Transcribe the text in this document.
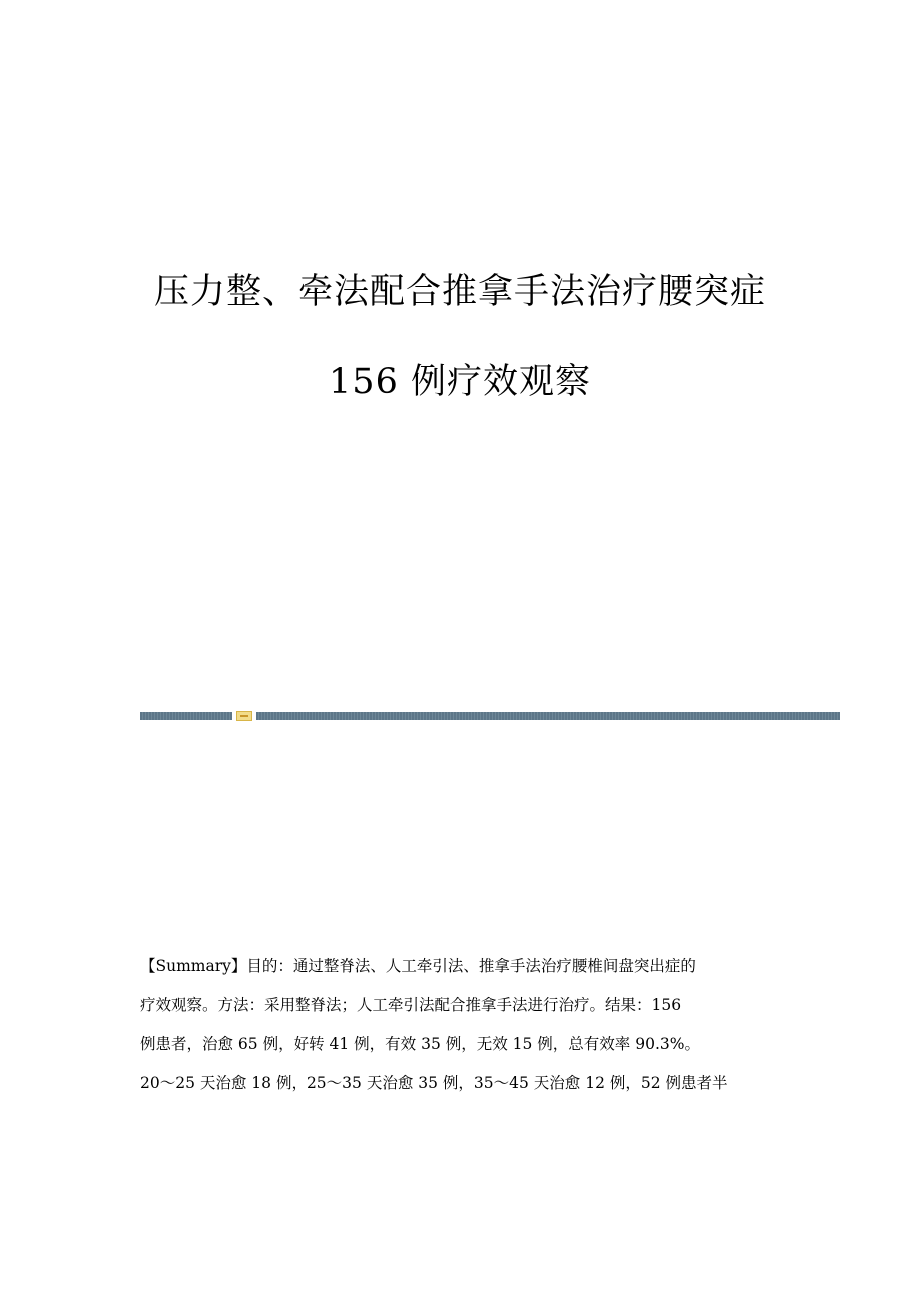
压力整、牵法配合推拿手法治疗腰突症
156 例疗效观察
【Summary】目的：通过整脊法、人工牵引法、推拿手法治疗腰椎间盘突出症的
疗效观察。方法：采用整脊法；人工牵引法配合推拿手法进行治疗。结果：156
例患者，治愈 65 例，好转 41 例，有效 35 例，无效 15 例，总有效率 90.3%。
20～25 天治愈 18 例，25～35 天治愈 35 例，35～45 天治愈 12 例，52 例患者半
